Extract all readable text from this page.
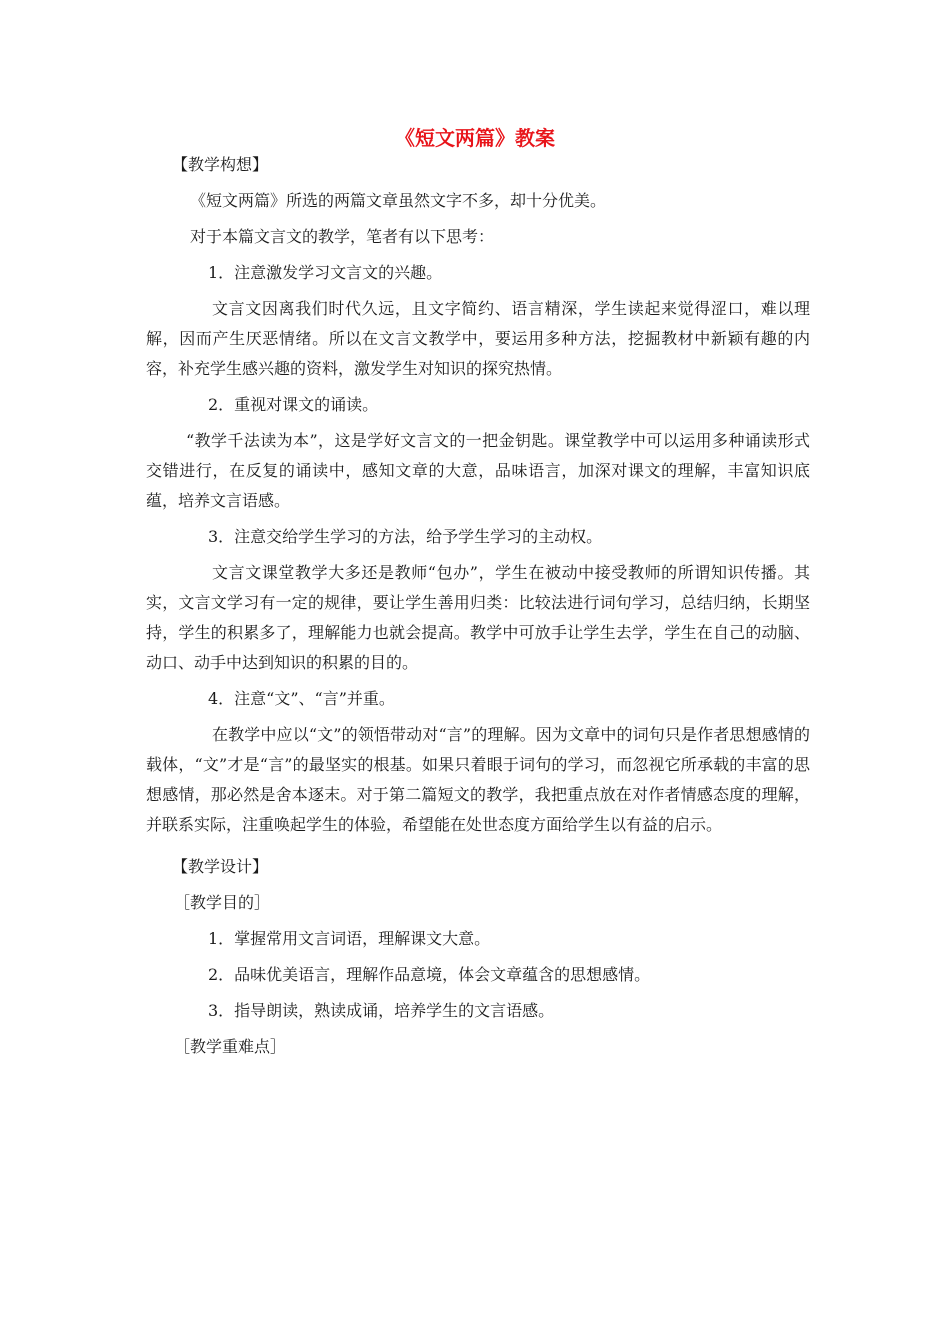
《短文两篇》教案

【教学构想】

《短文两篇》所选的两篇文章虽然文字不多，却十分优美。

对于本篇文言文的教学，笔者有以下思考：

1．注意激发学习文言文的兴趣。

文言文因离我们时代久远，且文字简约、语言精深，学生读起来觉得涩口，难以理解，因而产生厌恶情绪。所以在文言文教学中，要运用多种方法，挖掘教材中新颖有趣的内容，补充学生感兴趣的资料，激发学生对知识的探究热情。

2．重视对课文的诵读。

“教学千法读为本”，这是学好文言文的一把金钥匙。课堂教学中可以运用多种诵读形式交错进行，在反复的诵读中，感知文章的大意，品味语言，加深对课文的理解，丰富知识底蕴，培养文言语感。

3．注意交给学生学习的方法，给予学生学习的主动权。

文言文课堂教学大多还是教师“包办”，学生在被动中接受教师的所谓知识传播。其实，文言文学习有一定的规律，要让学生善用归类：比较法进行词句学习，总结归纳，长期坚持，学生的积累多了，理解能力也就会提高。教学中可放手让学生去学，学生在自己的动脑、动口、动手中达到知识的积累的目的。

4．注意“文”、“言”并重。

在教学中应以“文”的领悟带动对“言”的理解。因为文章中的词句只是作者思想感情的载体，“文”才是“言”的最坚实的根基。如果只着眼于词句的学习，而忽视它所承载的丰富的思想感情，那必然是舍本逐末。对于第二篇短文的教学，我把重点放在对作者情感态度的理解，并联系实际，注重唤起学生的体验，希望能在处世态度方面给学生以有益的启示。

【教学设计】

［教学目的］

1．掌握常用文言词语，理解课文大意。

2．品味优美语言，理解作品意境，体会文章蕴含的思想感情。

3．指导朗读，熟读成诵，培养学生的文言语感。

［教学重难点］
